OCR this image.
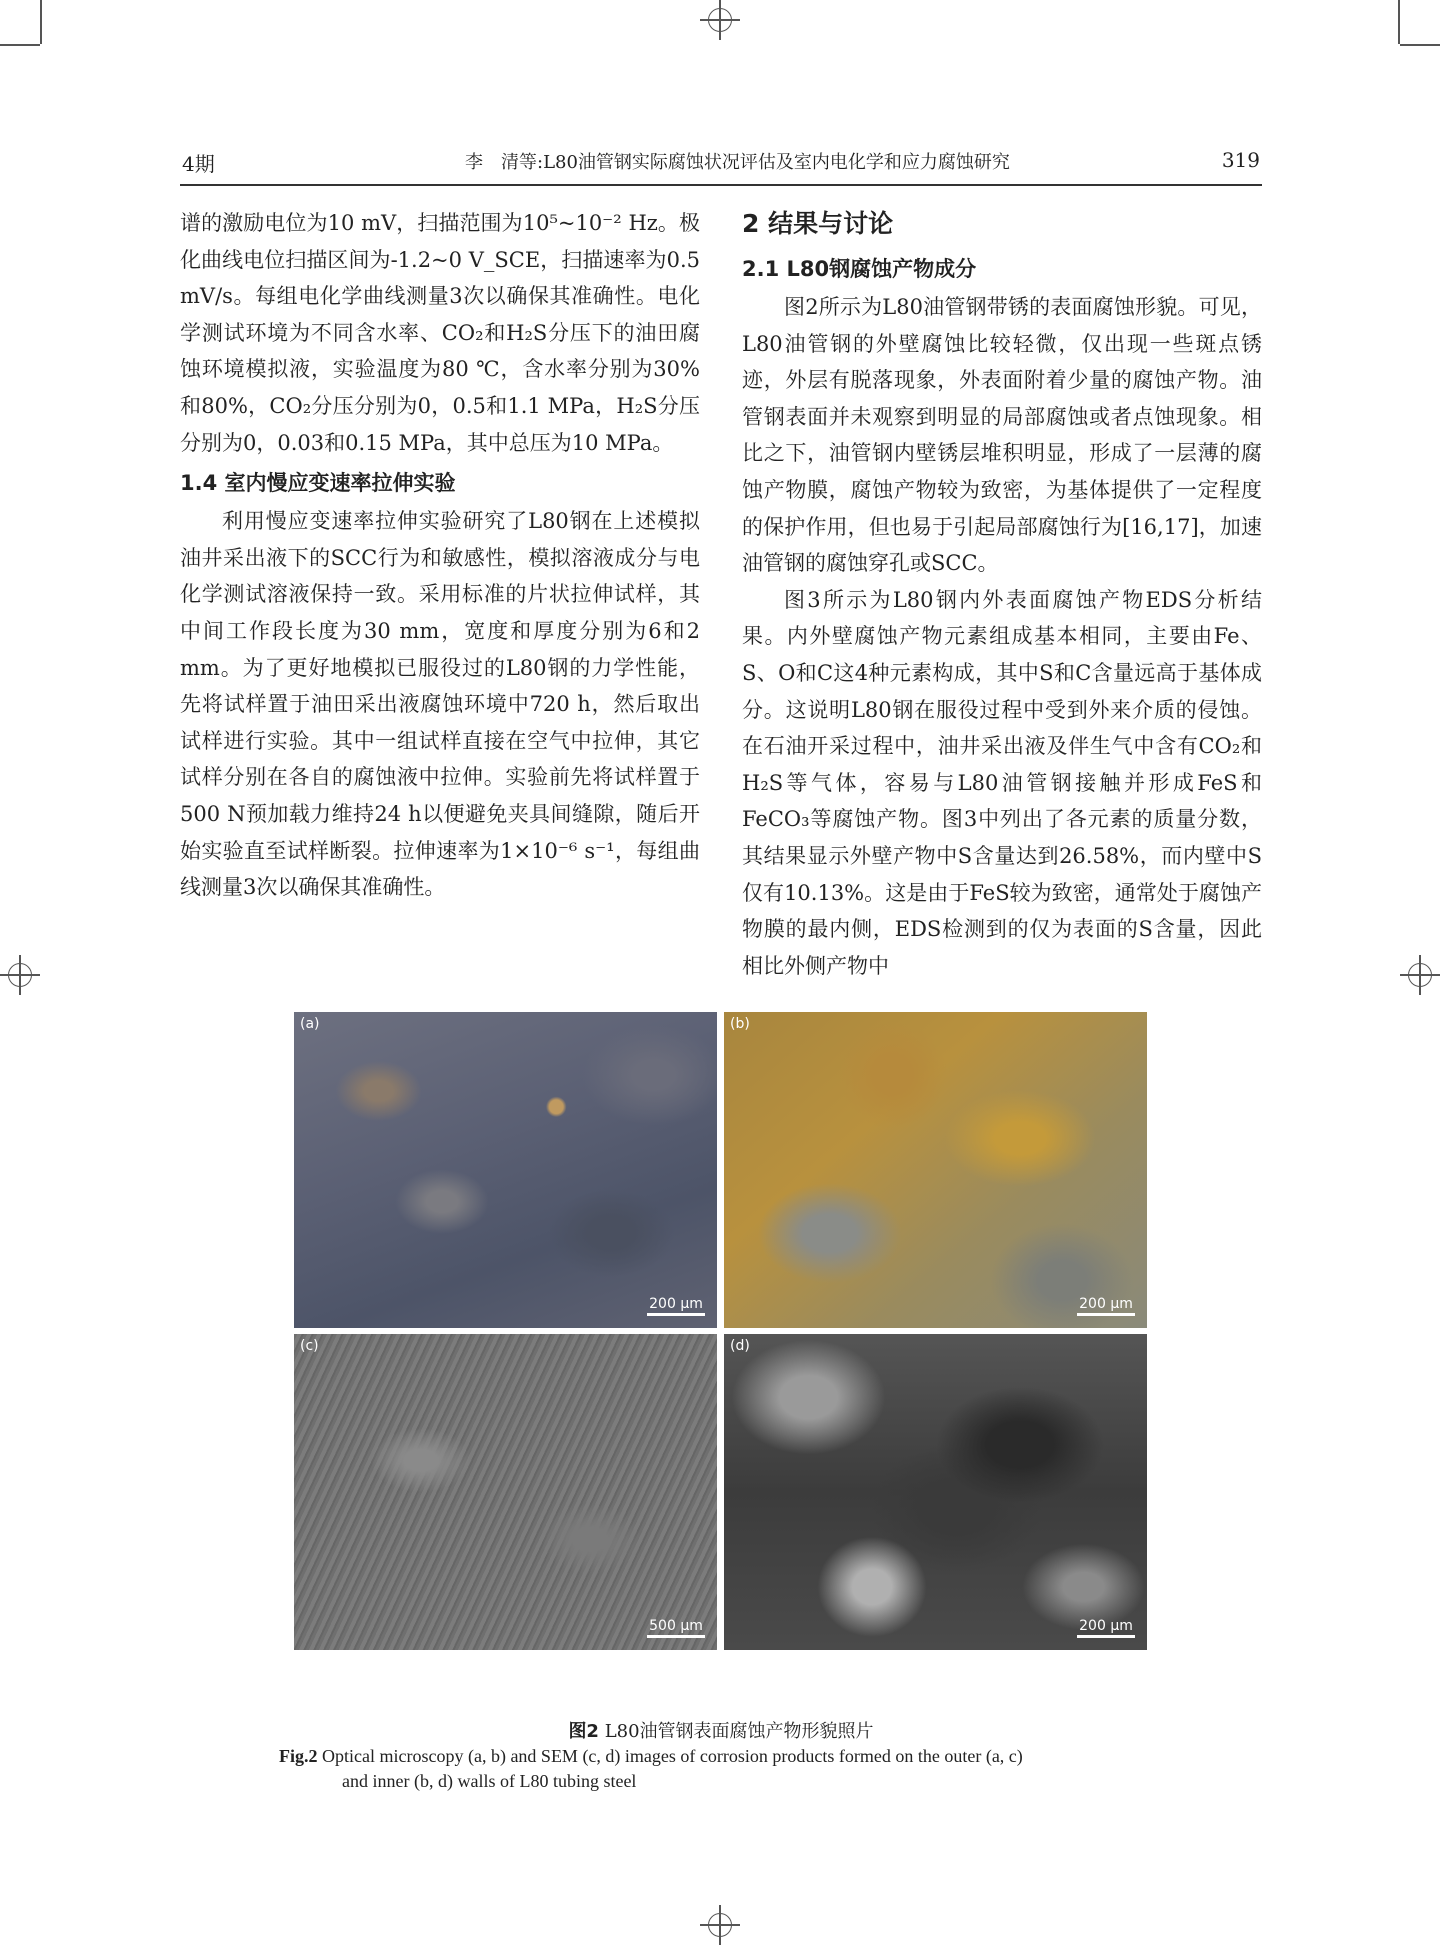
4期	李　清等:L80油管钢实际腐蚀状况评估及室内电化学和应力腐蚀研究	319

谱的激励电位为10 mV，扫描范围为10⁵~10⁻² Hz。极化曲线电位扫描区间为-1.2~0 V_SCE，扫描速率为0.5 mV/s。每组电化学曲线测量3次以确保其准确性。电化学测试环境为不同含水率、CO₂和H₂S分压下的油田腐蚀环境模拟液，实验温度为80 ℃，含水率分别为30%和80%，CO₂分压分别为0，0.5和1.1 MPa，H₂S分压分别为0，0.03和0.15 MPa，其中总压为10 MPa。

1.4 室内慢应变速率拉伸实验

利用慢应变速率拉伸实验研究了L80钢在上述模拟油井采出液下的SCC行为和敏感性，模拟溶液成分与电化学测试溶液保持一致。采用标准的片状拉伸试样，其中间工作段长度为30 mm，宽度和厚度分别为6和2 mm。为了更好地模拟已服役过的L80钢的力学性能，先将试样置于油田采出液腐蚀环境中720 h，然后取出试样进行实验。其中一组试样直接在空气中拉伸，其它试样分别在各自的腐蚀液中拉伸。实验前先将试样置于500 N预加载力维持24 h以便避免夹具间缝隙，随后开始实验直至试样断裂。拉伸速率为1×10⁻⁶ s⁻¹，每组曲线测量3次以确保其准确性。

2 结果与讨论
2.1 L80钢腐蚀产物成分

图2所示为L80油管钢带锈的表面腐蚀形貌。可见，L80油管钢的外壁腐蚀比较轻微，仅出现一些斑点锈迹，外层有脱落现象，外表面附着少量的腐蚀产物。油管钢表面并未观察到明显的局部腐蚀或者点蚀现象。相比之下，油管钢内壁锈层堆积明显，形成了一层薄的腐蚀产物膜，腐蚀产物较为致密，为基体提供了一定程度的保护作用，但也易于引起局部腐蚀行为[16,17]，加速油管钢的腐蚀穿孔或SCC。

图3所示为L80钢内外表面腐蚀产物EDS分析结果。内外壁腐蚀产物元素组成基本相同，主要由Fe、S、O和C这4种元素构成，其中S和C含量远高于基体成分。这说明L80钢在服役过程中受到外来介质的侵蚀。在石油开采过程中，油井采出液及伴生气中含有CO₂和H₂S等气体，容易与L80油管钢接触并形成FeS和FeCO₃等腐蚀产物。图3中列出了各元素的质量分数，其结果显示外壁产物中S含量达到26.58%，而内壁中S仅有10.13%。这是由于FeS较为致密，通常处于腐蚀产物膜的最内侧，EDS检测到的仅为表面的S含量，因此相比外侧产物中

(a)
200 μm
(b)
200 μm
(c)
500 μm
(d)
200 μm
图2 L80油管钢表面腐蚀产物形貌照片
Fig.2 Optical microscopy (a, b) and SEM (c, d) images of corrosion products formed on the outer (a, c)
and inner (b, d) walls of L80 tubing steel
